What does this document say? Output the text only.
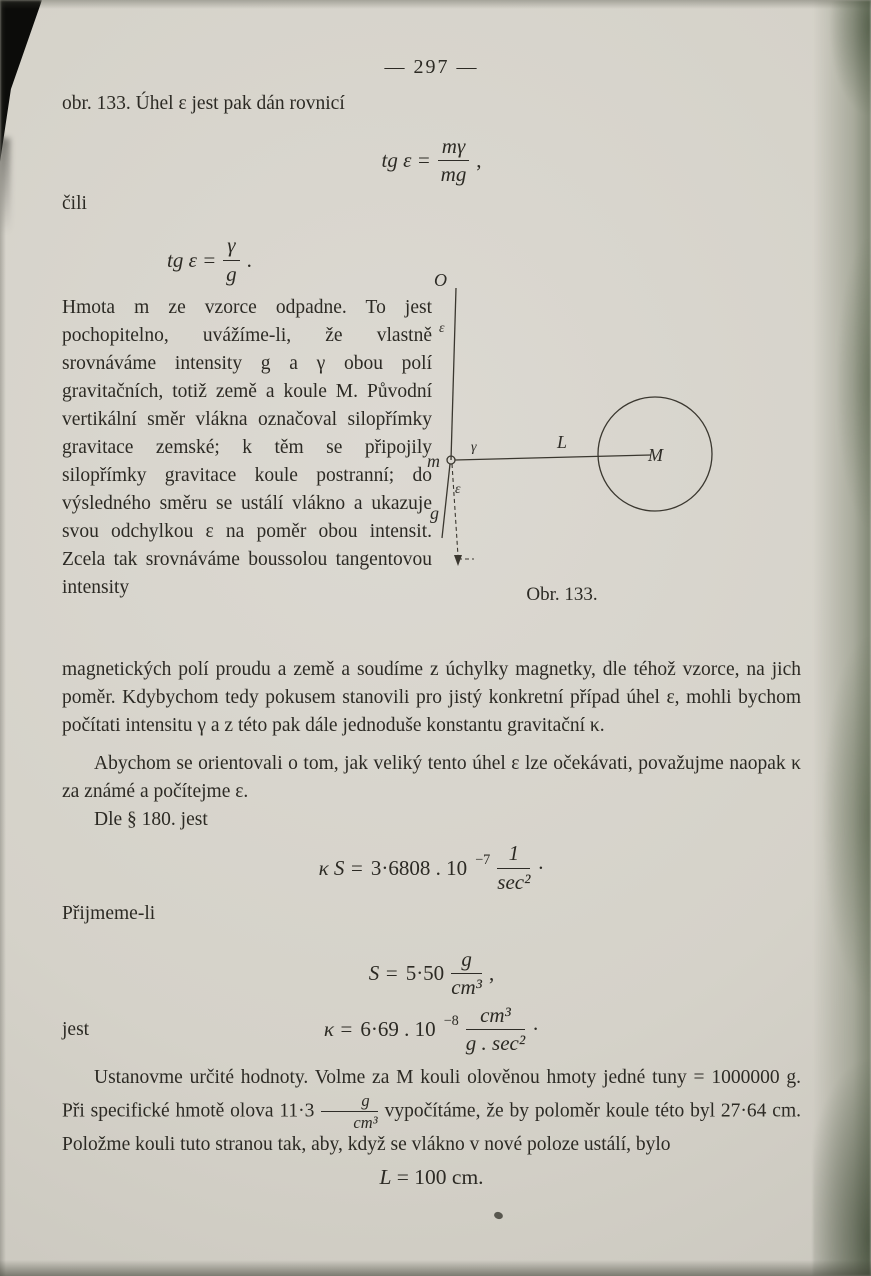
— 297 —

obr. 133. Úhel ε jest pak dán rovnicí

tg $\varepsilon = \frac{m\gamma}{mg}$ ,

čili

tg $\varepsilon = \frac{\gamma}{g}$ .

Hmota m ze vzorce odpadne. To jest pochopitelno, uvážíme-li, že vlastně srovnáváme intensity g a γ obou polí gravitačních, totiž země a koule M. Původní vertikální směr vlákna označoval silopřímky gravitace zemské; k těm se připojily silopřímky gravitace koule postranní; do výsledného směru se ustálí vlákno a ukazuje svou odchylkou ε na poměr obou intensit. Zcela tak srovnáváme boussolou tangentovou intensity

magnetických polí proudu a země a soudíme z úchylky magnetky, dle téhož vzorce, na jich poměr. Kdybychom tedy pokusem stanovili pro jistý konkretní případ úhel ε, mohli bychom počítati intensitu γ a z této pak dále jednoduše konstantu gravitační κ.

Abychom se orientovali o tom, jak veliký tento úhel ε lze očekávati, považujme naopak κ za známé a počítejme ε.

Dle § 180. jest

κ S = 3·6808 . $10 -7 \frac{1}{\text{sec²}}$ ·

Přijmeme-li

$S = 5\cdot 50 \frac{g}{\text{cm³}}$ ,
jest	κ = 6·69 . $10 -8 \frac{\text{cm³}}{\text{g . sec²}}$ ·

Ustanovme určité hodnoty. Volme za M kouli olověnou hmoty jedné tuny = 1000000 g. Při specifické hmotě olova $11\cdot 3 \frac{g}{\text{cm³}}$ vypočítáme, že by poloměr koule této byl 27·64 cm. Položme kouli tuto stranou tak, aby, když se vlákno v nové poloze ustálí, bylo

L = 100 cm.
O
ε
m
γ	L
M
g
ε
Obr. 133.
